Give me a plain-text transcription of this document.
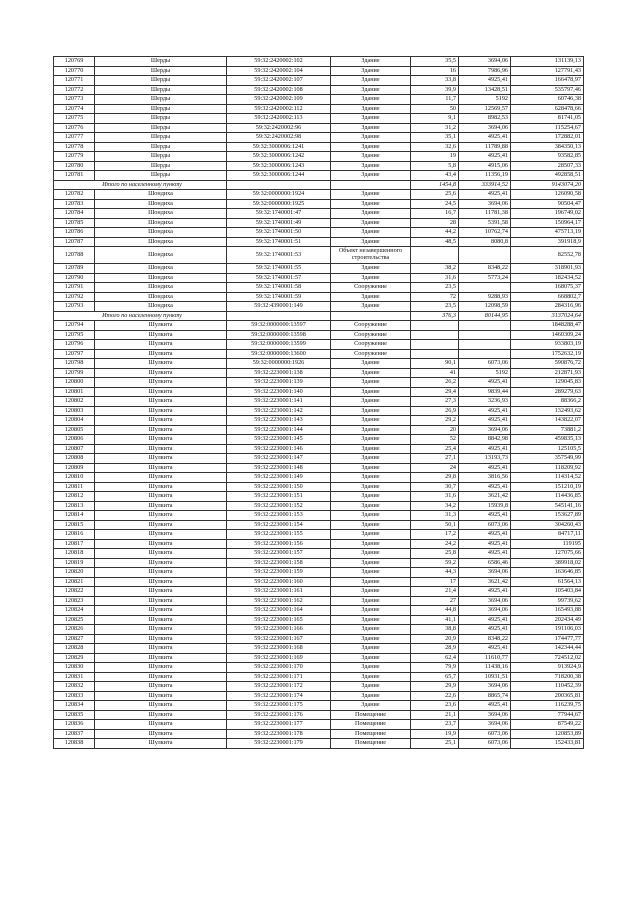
120769	Шерды	59:32:2420002:102	Здание	35,5	3694,06	131139,13
120770	Шерды	59:32:2420002:104	Здание	16	7986,96	127791,43
120771	Шерды	59:32:2420002:107	Здание	33,8	4925,41	166478,97
120772	Шерды	59:32:2420002:108	Здание	39,9	13428,51	535797,46
120773	Шерды	59:32:2420002:109	Здание	11,7	5192	60746,38
120774	Шерды	59:32:2420002:112	Здание	50	12569,57	628478,66
120775	Шерды	59:32:2420002:113	Здание	9,1	8982,53	81741,05
120776	Шерды	59:32:2420002:96	Здание	31,2	3694,06	115254,67
120777	Шерды	59:32:2420002:98	Здание	35,1	4925,41	172882,01
120778	Шерды	59:32:3000006:1241	Здание	32,6	11789,88	384350,13
120779	Шерды	59:32:3000006:1242	Здание	19	4925,41	93582,85
120780	Шерды	59:32:3000006:1243	Здание	5,8	4915,06	28507,33
120781	Шерды	59:32:3000006:1244	Здание	43,4	11356,19	492858,51
Итого по населенному пункту				1454,8	333914,52	9143074,20
120782	Шондиха	59:32:0000000:1924	Здание	25,6	4925,41	126090,58
120783	Шондиха	59:32:0000000:1925	Здание	24,5	3694,06	90504,47
120784	Шондиха	59:32:1740001:47	Здание	16,7	11781,38	196749,02
120785	Шондиха	59:32:1740001:49	Здание	28	5391,58	150964,17
120786	Шондиха	59:32:1740001:50	Здание	44,2	10762,74	475713,19
120787	Шондиха	59:32:1740001:51	Здание	48,5	8080,8	391918,9
120788	Шондиха	59:32:1740001:53	Объект незавершенного строительства			82552,78
120789	Шондиха	59:32:1740001:55	Здание	38,2	8348,22	318901,93
120790	Шондиха	59:32:1740001:57	Здание	31,6	5773,24	182434,52
120791	Шондиха	59:32:1740001:58	Сооружение	23,5		168075,37
120792	Шондиха	59:32:1740001:59	Здание	72	9288,93	668802,7
120793	Шондиха	59:32:4390001:149	Здание	23,5	12098,59	284316,96
Итого по населенному пункту				376,3	80144,95	3137024,64
120794	Шулкита	59:32:0000000:13597	Сооружение			1848288,47
120795	Шулкита	59:32:0000000:13598	Сооружение			1460309,24
120796	Шулкита	59:32:0000000:13599	Сооружение			933803,19
120797	Шулкита	59:32:0000000:13600	Сооружение			1752632,19
120798	Шулкита	59:32:0000000:1926	Здание	90,1	6073,06	590876,72
120799	Шулкита	59:32:2230001:138	Здание	41	5192	212871,93
120800	Шулкита	59:32:2230001:139	Здание	26,2	4925,41	129045,83
120801	Шулкита	59:32:2230001:140	Здание	29,4	9839,44	289279,63
120802	Шулкита	59:32:2230001:141	Здание	27,3	3236,93	88366,2
120803	Шулкита	59:32:2230001:142	Здание	26,9	4925,41	132493,62
120804	Шулкита	59:32:2230001:143	Здание	29,2	4925,41	143822,07
120805	Шулкита	59:32:2230001:144	Здание	20	3694,06	73881,2
120806	Шулкита	59:32:2230001:145	Здание	52	8842,98	459835,13
120807	Шулкита	59:32:2230001:146	Здание	25,4	4925,41	125105,5
120808	Шулкита	59:32:2230001:147	Здание	27,1	13193,73	357549,99
120809	Шулкита	59:32:2230001:148	Здание	24	4925,41	118209,92
120810	Шулкита	59:32:2230001:149	Здание	29,8	3816,56	114314,52
120811	Шулкита	59:32:2230001:150	Здание	30,7	4925,41	151210,19
120812	Шулкита	59:32:2230001:151	Здание	31,6	3621,42	114436,85
120813	Шулкита	59:32:2230001:152	Здание	34,2	15939,8	545141,16
120814	Шулкита	59:32:2230001:153	Здание	31,3	4925,41	153627,89
120815	Шулкита	59:32:2230001:154	Здание	50,1	6073,06	304260,43
120816	Шулкита	59:32:2230001:155	Здание	17,2	4925,41	84717,11
120817	Шулкита	59:32:2230001:156	Здание	24,2	4925,41	119195
120818	Шулкита	59:32:2230001:157	Здание	25,8	4925,41	127075,66
120819	Шулкита	59:32:2230001:158	Здание	59,2	6586,46	389918,02
120820	Шулкита	59:32:2230001:159	Здание	44,3	3694,06	163646,85
120821	Шулкита	59:32:2230001:160	Здание	17	3621,42	61564,13
120822	Шулкита	59:32:2230001:161	Здание	21,4	4925,41	105403,84
120823	Шулкита	59:32:2230001:162	Здание	27	3694,06	99739,62
120824	Шулкита	59:32:2230001:164	Здание	44,8	3694,06	165493,88
120825	Шулкита	59:32:2230001:165	Здание	41,1	4925,41	202434,49
120826	Шулкита	59:32:2230001:166	Здание	38,8	4925,41	191106,03
120827	Шулкита	59:32:2230001:167	Здание	20,9	8348,22	174477,77
120828	Шулкита	59:32:2230001:168	Здание	28,9	4925,41	142344,44
120829	Шулкита	59:32:2230001:169	Здание	62,4	11610,77	724512,02
120830	Шулкита	59:32:2230001:170	Здание	79,9	11438,16	913924,9
120831	Шулкита	59:32:2230001:171	Здание	65,7	10931,51	718200,38
120832	Шулкита	59:32:2230001:172	Здание	29,9	3694,06	110452,39
120833	Шулкита	59:32:2230001:174	Здание	22,6	8865,74	200365,81
120834	Шулкита	59:32:2230001:175	Здание	23,6	4925,41	116239,75
120835	Шулкита	59:32:2230001:176	Помещение	21,1	3694,06	77944,67
120836	Шулкита	59:32:2230001:177	Помещение	23,7	3694,06	87549,22
120837	Шулкита	59:32:2230001:178	Помещение	19,9	6073,06	120853,89
120838	Шулкита	59:32:2230001:179	Помещение	25,1	6073,06	152433,81
